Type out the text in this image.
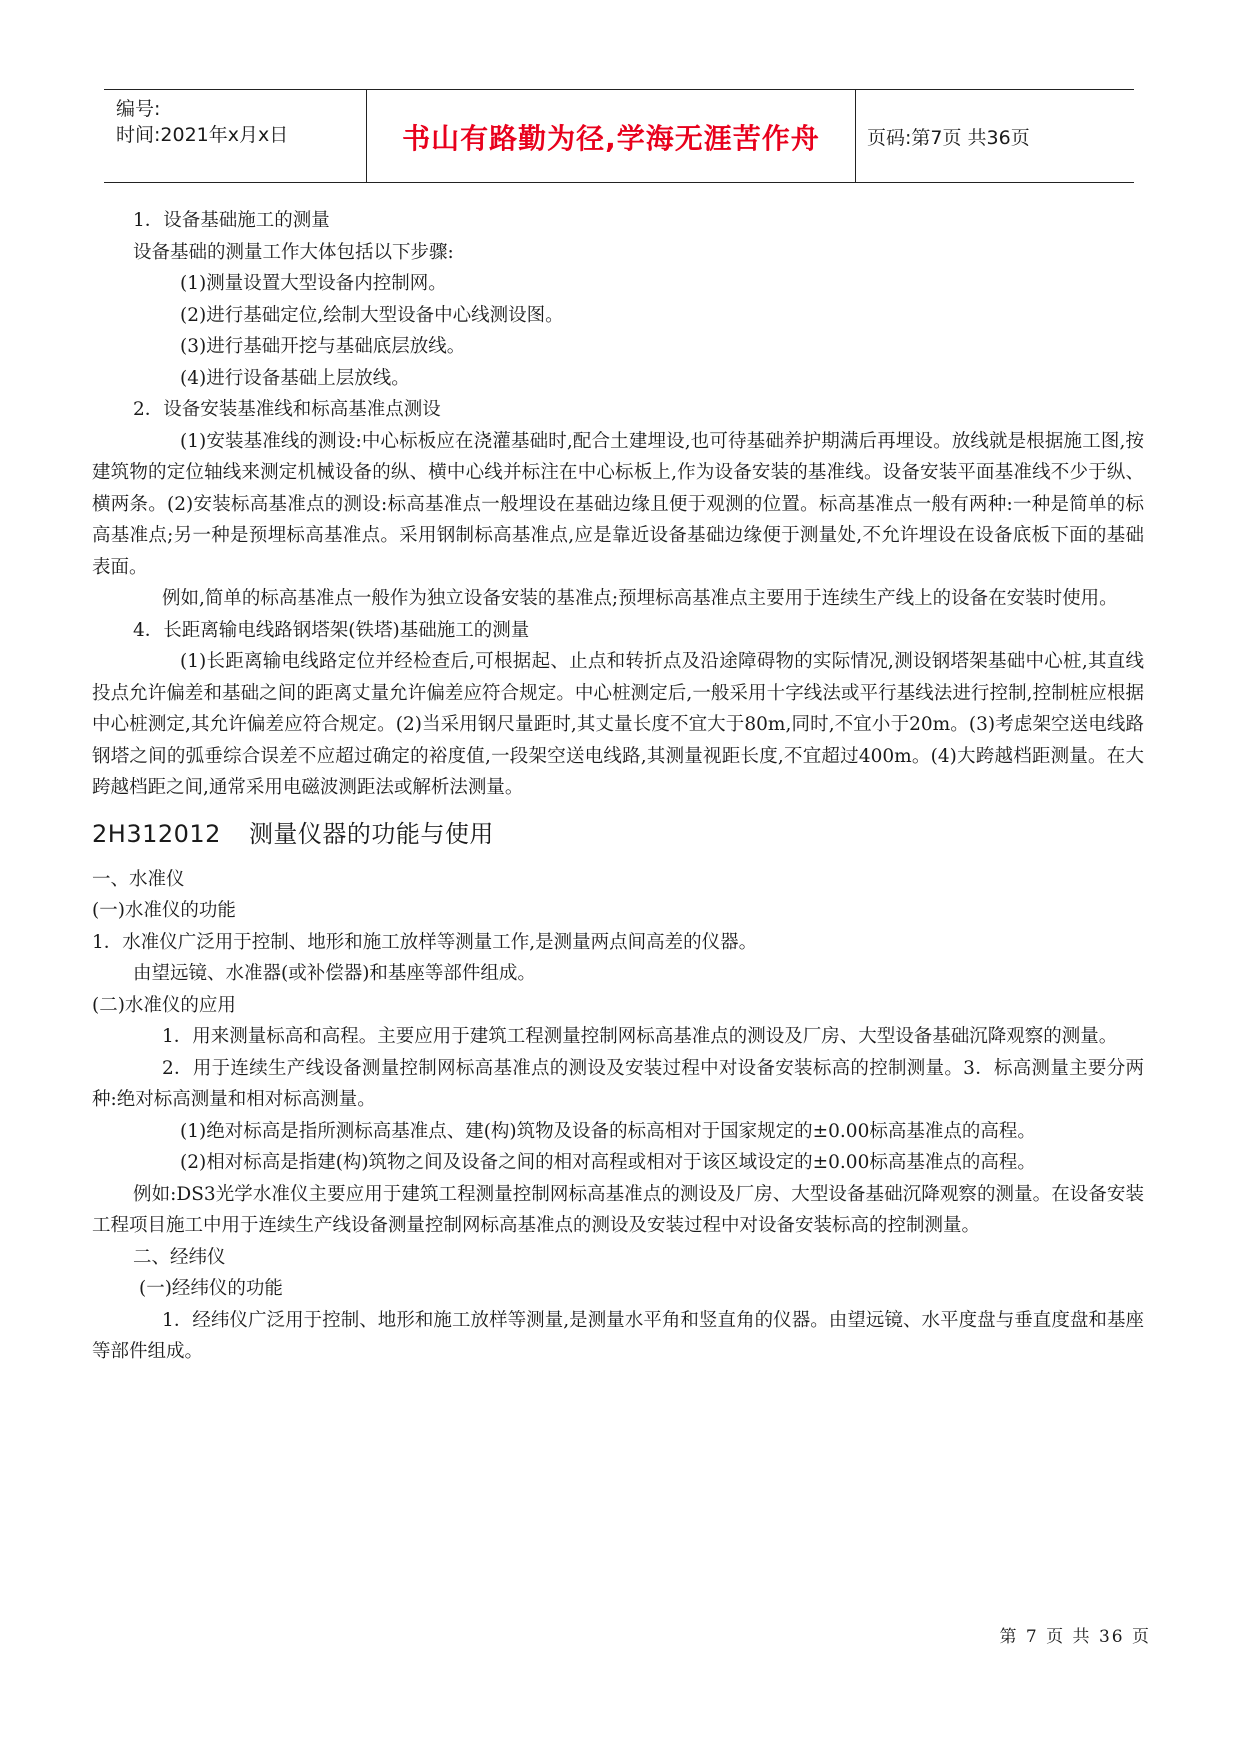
编号:
时间:2021年x月x日	书山有路勤为径,学海无涯苦作舟	页码:第7页 共36页

1．设备基础施工的测量

设备基础的测量工作大体包括以下步骤:

(1)测量设置大型设备内控制网。

(2)进行基础定位,绘制大型设备中心线测设图。

(3)进行基础开挖与基础底层放线。

(4)进行设备基础上层放线。

2．设备安装基准线和标高基准点测设

(1)安装基准线的测设:中心标板应在浇灌基础时,配合土建埋设,也可待基础养护期满后再埋设。放线就是根据施工图,按建筑物的定位轴线来测定机械设备的纵、横中心线并标注在中心标板上,作为设备安装的基准线。设备安装平面基准线不少于纵、横两条。(2)安装标高基准点的测设:标高基准点一般埋设在基础边缘且便于观测的位置。标高基准点一般有两种:一种是简单的标高基准点;另一种是预埋标高基准点。采用钢制标高基准点,应是靠近设备基础边缘便于测量处,不允许埋设在设备底板下面的基础表面。

例如,简单的标高基准点一般作为独立设备安装的基准点;预埋标高基准点主要用于连续生产线上的设备在安装时使用。

4．长距离输电线路钢塔架(铁塔)基础施工的测量

(1)长距离输电线路定位并经检查后,可根据起、止点和转折点及沿途障碍物的实际情况,测设钢塔架基础中心桩,其直线投点允许偏差和基础之间的距离丈量允许偏差应符合规定。中心桩测定后,一般采用十字线法或平行基线法进行控制,控制桩应根据中心桩测定,其允许偏差应符合规定。(2)当采用钢尺量距时,其丈量长度不宜大于80m,同时,不宜小于20m。(3)考虑架空送电线路钢塔之间的弧垂综合误差不应超过确定的裕度值,一段架空送电线路,其测量视距长度,不宜超过400m。(4)大跨越档距测量。在大跨越档距之间,通常采用电磁波测距法或解析法测量。

2H312012 测量仪器的功能与使用

一、水准仪

(一)水准仪的功能

1．水准仪广泛用于控制、地形和施工放样等测量工作,是测量两点间高差的仪器。

由望远镜、水准器(或补偿器)和基座等部件组成。

(二)水准仪的应用

1．用来测量标高和高程。主要应用于建筑工程测量控制网标高基准点的测设及厂房、大型设备基础沉降观察的测量。

2．用于连续生产线设备测量控制网标高基准点的测设及安装过程中对设备安装标高的控制测量。3．标高测量主要分两种:绝对标高测量和相对标高测量。

(1)绝对标高是指所测标高基准点、建(构)筑物及设备的标高相对于国家规定的±0.00标高基准点的高程。

(2)相对标高是指建(构)筑物之间及设备之间的相对高程或相对于该区域设定的±0.00标高基准点的高程。

例如:DS3光学水准仪主要应用于建筑工程测量控制网标高基准点的测设及厂房、大型设备基础沉降观察的测量。在设备安装工程项目施工中用于连续生产线设备测量控制网标高基准点的测设及安装过程中对设备安装标高的控制测量。

二、经纬仪

(一)经纬仪的功能

1．经纬仪广泛用于控制、地形和施工放样等测量,是测量水平角和竖直角的仪器。由望远镜、水平度盘与垂直度盘和基座等部件组成。

第 7 页 共 36 页
